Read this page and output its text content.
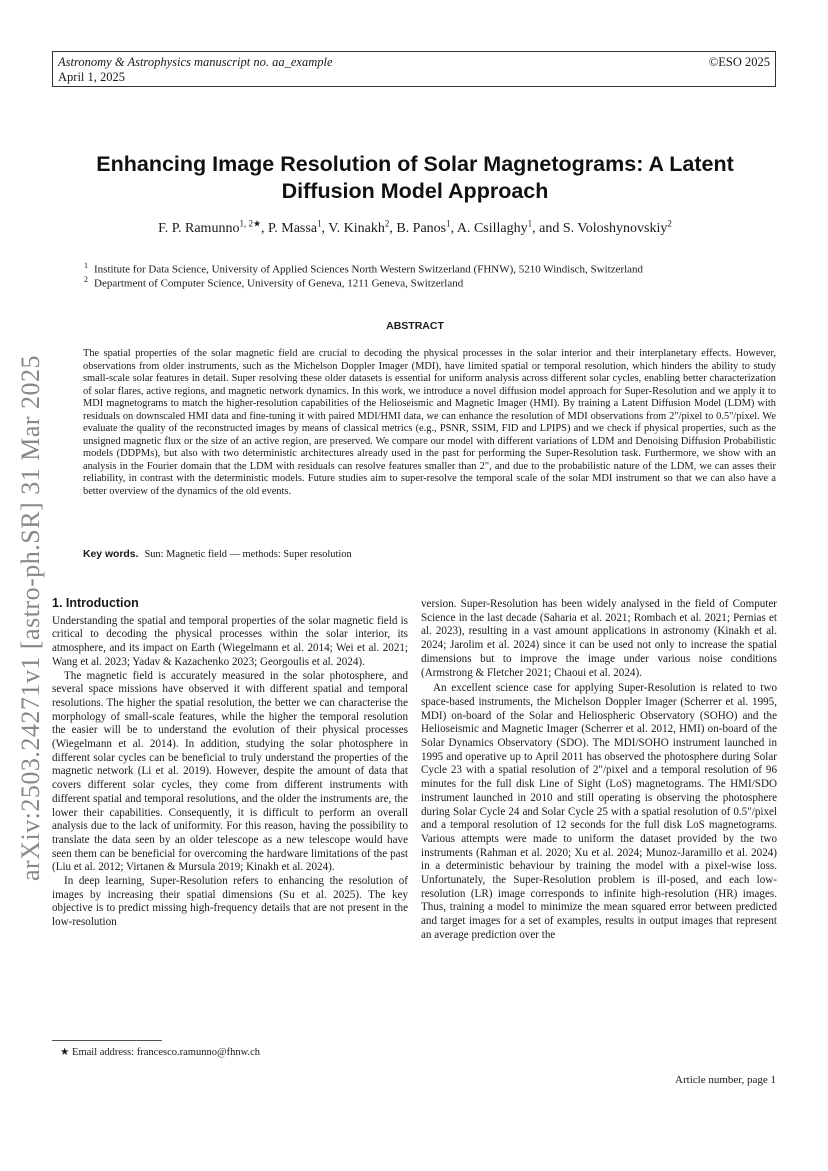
Astronomy & Astrophysics manuscript no. aa_example
April 1, 2025
©ESO 2025
Enhancing Image Resolution of Solar Magnetograms: A Latent Diffusion Model Approach
F. P. Ramunno$^{1, 2★}$, P. Massa$^1$, V. Kinakh$^2$, B. Panos$^1$, A. Csillaghy$^1$, and S. Voloshynovskiy$^2$
$^1$ Institute for Data Science, University of Applied Sciences North Western Switzerland (FHNW), 5210 Windisch, Switzerland
$^2$ Department of Computer Science, University of Geneva, 1211 Geneva, Switzerland
ABSTRACT
The spatial properties of the solar magnetic field are crucial to decoding the physical processes in the solar interior and their interplanetary effects. However, observations from older instruments, such as the Michelson Doppler Imager (MDI), have limited spatial or temporal resolution, which hinders the ability to study small-scale solar features in detail. Super resolving these older datasets is essential for uniform analysis across different solar cycles, enabling better characterization of solar flares, active regions, and magnetic network dynamics. In this work, we introduce a novel diffusion model approach for Super-Resolution and we apply it to MDI magnetograms to match the higher-resolution capabilities of the Helioseismic and Magnetic Imager (HMI). By training a Latent Diffusion Model (LDM) with residuals on downscaled HMI data and fine-tuning it with paired MDI/HMI data, we can enhance the resolution of MDI observations from 2"/pixel to 0.5"/pixel. We evaluate the quality of the reconstructed images by means of classical metrics (e.g., PSNR, SSIM, FID and LPIPS) and we check if physical properties, such as the unsigned magnetic flux or the size of an active region, are preserved. We compare our model with different variations of LDM and Denoising Diffusion Probabilistic models (DDPMs), but also with two deterministic architectures already used in the past for performing the Super-Resolution task. Furthermore, we show with an analysis in the Fourier domain that the LDM with residuals can resolve features smaller than 2", and due to the probabilistic nature of the LDM, we can asses their reliability, in contrast with the deterministic models. Future studies aim to super-resolve the temporal scale of the solar MDI instrument so that we can also have a better overview of the dynamics of the old events.
Key words. Sun: Magnetic field — methods: Super resolution
arXiv:2503.24271v1 [astro-ph.SR] 31 Mar 2025 1. Introduction

Understanding the spatial and temporal properties of the solar magnetic field is critical to decoding the physical processes within the solar interior, its atmosphere, and its impact on Earth (Wiegelmann et al. 2014; Wei et al. 2021; Wang et al. 2023; Yadav & Kazachenko 2023; Georgoulis et al. 2024).

The magnetic field is accurately measured in the solar photosphere, and several space missions have observed it with different spatial and temporal resolutions. The higher the spatial resolution, the better we can characterise the morphology of small-scale features, while the higher the temporal resolution the easier will be to understand the evolution of their physical processes (Wiegelmann et al. 2014). In addition, studying the solar photosphere in different solar cycles can be beneficial to truly understand the properties of the magnetic network (Li et al. 2019). However, despite the amount of data that covers different solar cycles, they come from different instruments with different spatial and temporal resolutions, and the older the instruments are, the lower their capabilities. Consequently, it is difficult to perform an overall analysis due to the lack of uniformity. For this reason, having the possibility to translate the data seen by an older telescope as a new telescope would have seen them can be beneficial for overcoming the hardware limitations of the past (Liu et al. 2012; Virtanen & Mursula 2019; Kinakh et al. 2024).

In deep learning, Super-Resolution refers to enhancing the resolution of images by increasing their spatial dimensions (Su et al. 2025). The key objective is to predict missing high-frequency details that are not present in the low-resolution

version. Super-Resolution has been widely analysed in the field of Computer Science in the last decade (Saharia et al. 2021; Rombach et al. 2021; Pernias et al. 2023), resulting in a vast amount applications in astronomy (Kinakh et al. 2024; Jarolim et al. 2024) since it can be used not only to increase the spatial dimensions but to improve the image under various noise conditions (Armstrong & Fletcher 2021; Chaoui et al. 2024).

An excellent science case for applying Super-Resolution is related to two space-based instruments, the Michelson Doppler Imager (Scherrer et al. 1995, MDI) on-board of the Solar and Heliospheric Observatory (SOHO) and the Helioseismic and Magnetic Imager (Scherrer et al. 2012, HMI) on-board of the Solar Dynamics Observatory (SDO). The MDI/SOHO instrument launched in 1995 and operative up to April 2011 has observed the photosphere during Solar Cycle 23 with a spatial resolution of 2"/pixel and a temporal resolution of 96 minutes for the full disk Line of Sight (LoS) magnetograms. The HMI/SDO instrument launched in 2010 and still operating is observing the photosphere during Solar Cycle 24 and Solar Cycle 25 with a spatial resolution of 0.5"/pixel and a temporal resolution of 12 seconds for the full disk LoS magnetograms. Various attempts were made to uniform the dataset provided by the two instruments (Rahman et al. 2020; Xu et al. 2024; Munoz-Jaramillo et al. 2024) in a deterministic behaviour by training the model with a pixel-wise loss. Unfortunately, the Super-Resolution problem is ill-posed, and each low-resolution (LR) image corresponds to infinite high-resolution (HR) images. Thus, training a model to minimize the mean squared error between predicted and target images for a set of examples, results in output images that represent an average prediction over the

★ Email address: francesco.ramunno@fhnw.ch
Article number, page 1
